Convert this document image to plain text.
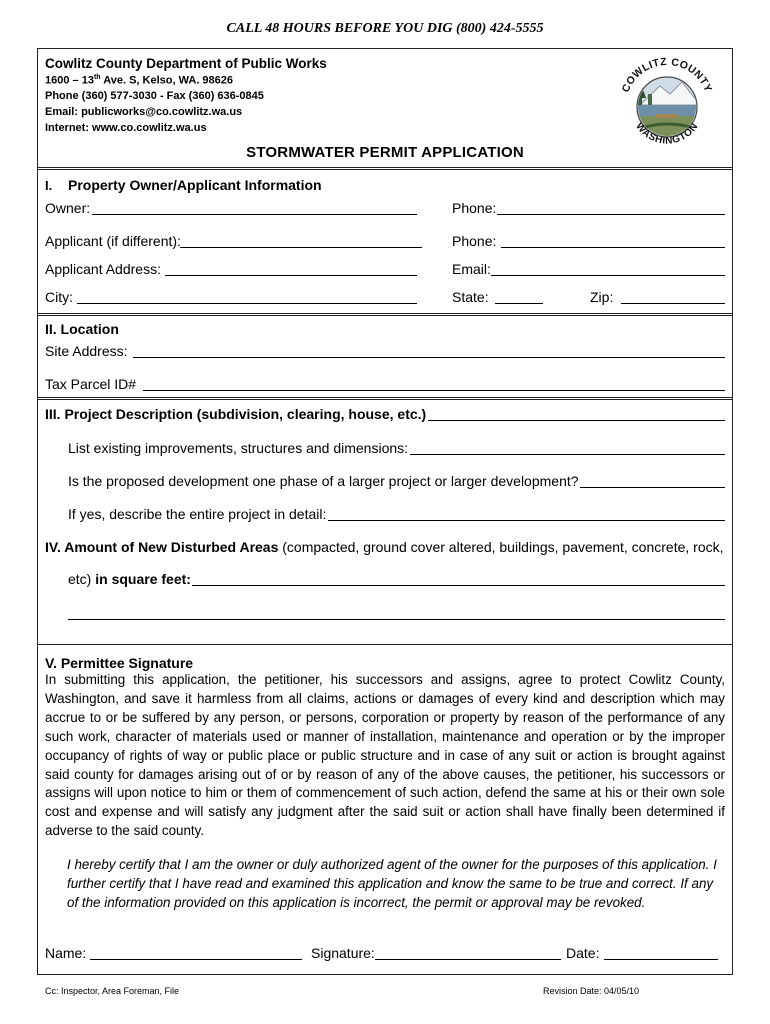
CALL 48 HOURS BEFORE YOU DIG (800) 424-5555
Cowlitz County Department of Public Works
1600 – 13th Ave. S, Kelso, WA. 98626
Phone (360) 577-3030 - Fax (360) 636-0845
Email: publicworks@co.cowlitz.wa.us
Internet: www.co.cowlitz.wa.us
COWLITZ COUNTY
WASHINGTON
STORMWATER PERMIT APPLICATION
I. Property Owner/Applicant Information
Owner:	Phone:
Applicant (if different):	Phone:
Applicant Address:	Email:
City:	State:	Zip:
II. Location
Site Address:
Tax Parcel ID#
III. Project Description (subdivision, clearing, house, etc.)
List existing improvements, structures and dimensions:
Is the proposed development one phase of a larger project or larger development?
If yes, describe the entire project in detail:
IV. Amount of New Disturbed Areas (compacted, ground cover altered, buildings, pavement, concrete, rock,
etc) in square feet:
V. Permittee Signature
In submitting this application, the petitioner, his successors and assigns, agree to protect Cowlitz County, Washington, and save it harmless from all claims, actions or damages of every kind and description which may accrue to or be suffered by any person, or persons, corporation or property by reason of the performance of any such work, character of materials used or manner of installation, maintenance and operation or by the improper occupancy of rights of way or public place or public structure and in case of any suit or action is brought against said county for damages arising out of or by reason of any of the above causes, the petitioner, his successors or assigns will upon notice to him or them of commencement of such action, defend the same at his or their own sole cost and expense and will satisfy any judgment after the said suit or action shall have finally been determined if adverse to the said county.
I hereby certify that I am the owner or duly authorized agent of the owner for the purposes of this application. I further certify that I have read and examined this application and know the same to be true and correct. If any of the information provided on this application is incorrect, the permit or approval may be revoked.
Name:	Signature:	Date:
Cc: Inspector, Area Foreman, File	Revision Date: 04/05/10
